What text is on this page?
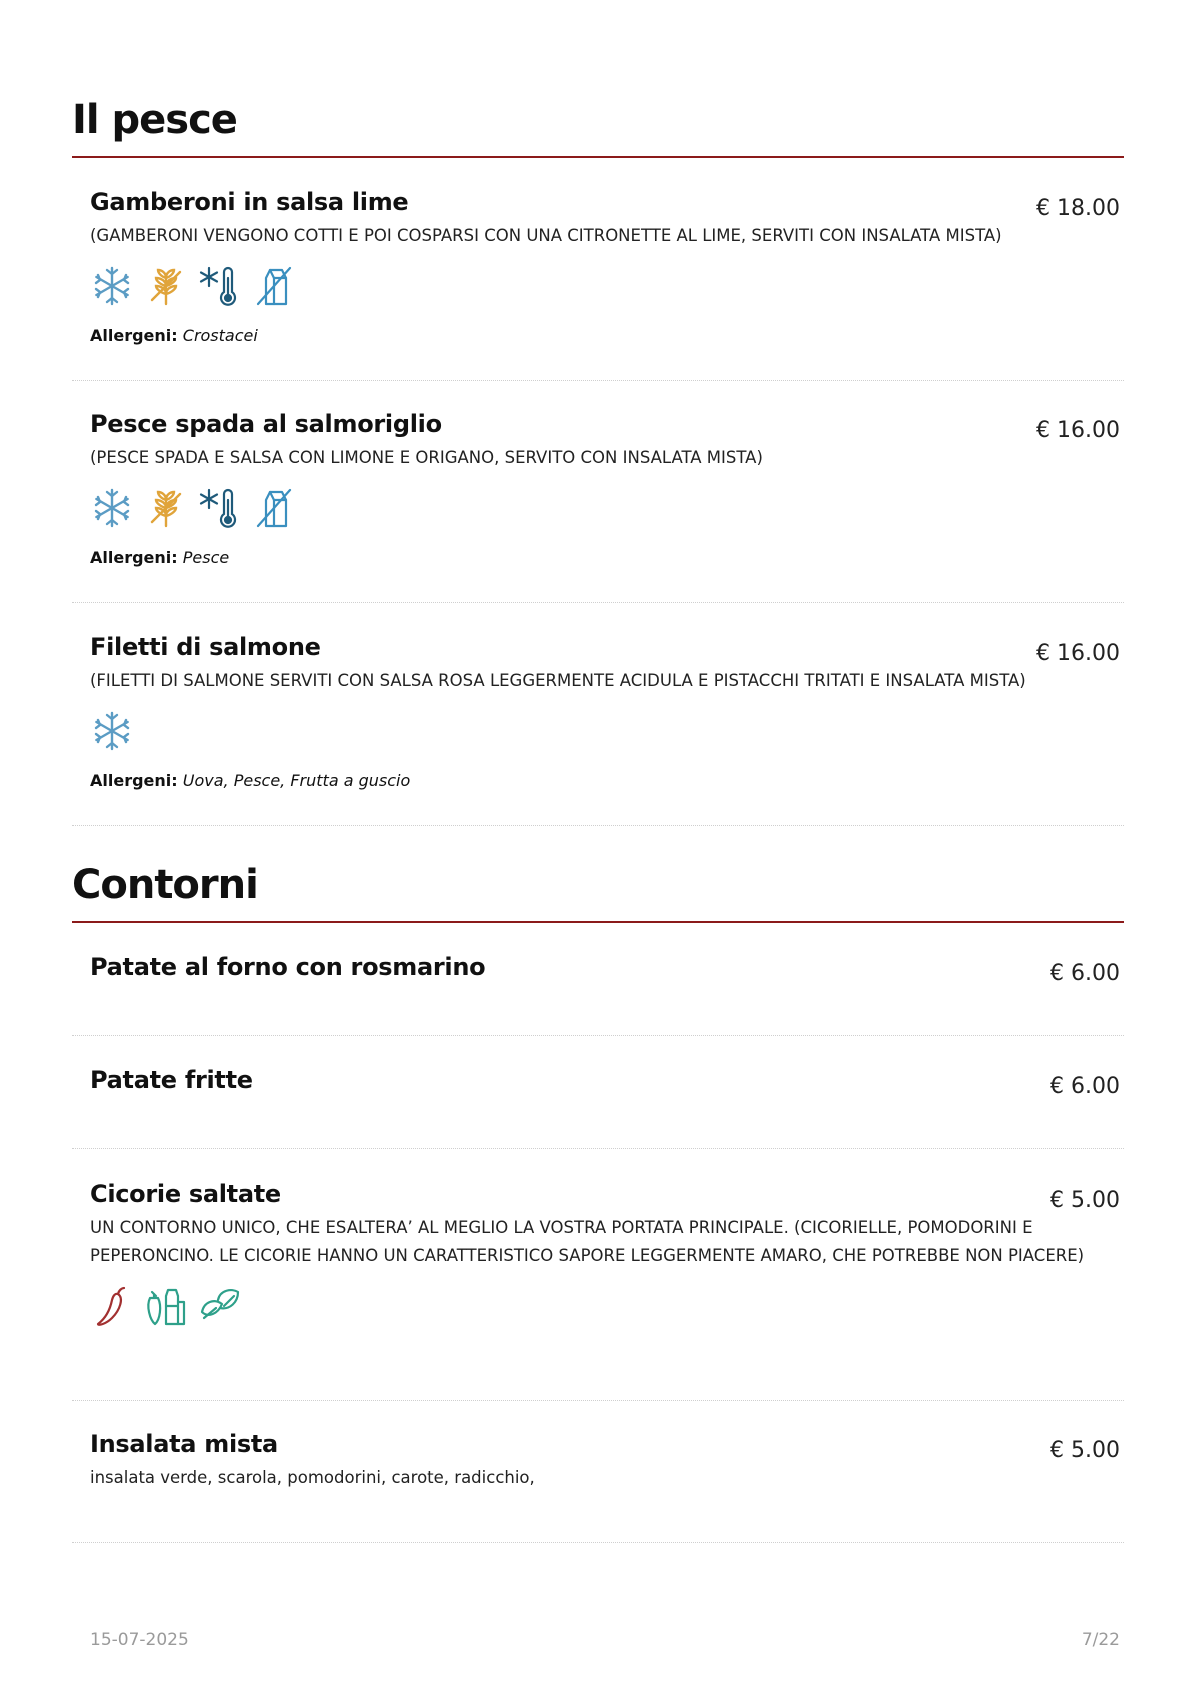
Il pesce
Gamberoni in salsa lime	€ 18.00
(GAMBERONI VENGONO COTTI E POI COSPARSI CON UNA CITRONETTE AL LIME, SERVITI CON INSALATA MISTA)
Allergeni: Crostacei
Pesce spada al salmoriglio	€ 16.00
(PESCE SPADA E SALSA CON LIMONE E ORIGANO, SERVITO CON INSALATA MISTA)
Allergeni: Pesce
Filetti di salmone	€ 16.00
(FILETTI DI SALMONE SERVITI CON SALSA ROSA LEGGERMENTE ACIDULA E PISTACCHI TRITATI E INSALATA MISTA)
Allergeni: Uova, Pesce, Frutta a guscio
Contorni
Patate al forno con rosmarino	€ 6.00
Patate fritte	€ 6.00
Cicorie saltate	€ 5.00
UN CONTORNO UNICO, CHE ESALTERA’ AL MEGLIO LA VOSTRA PORTATA PRINCIPALE. (CICORIELLE, POMODORINI E PEPERONCINO. LE CICORIE HANNO UN CARATTERISTICO SAPORE LEGGERMENTE AMARO, CHE POTREBBE NON PIACERE)
Insalata mista	€ 5.00
insalata verde, scarola, pomodorini, carote, radicchio,
15-07-2025	7/22
